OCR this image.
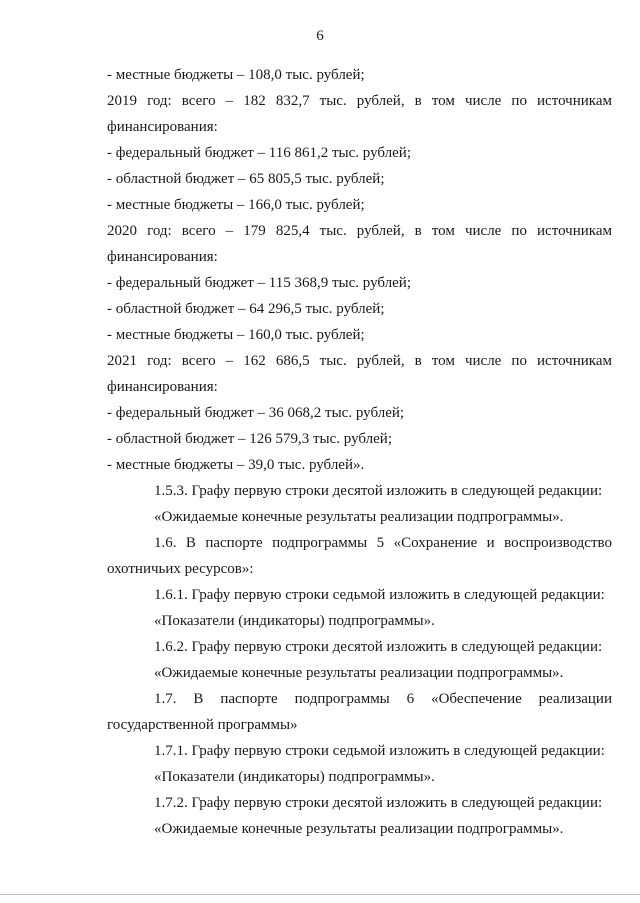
6
- местные бюджеты – 108,0 тыс. рублей;
2019 год: всего – 182 832,7 тыс. рублей, в том числе по источникам
финансирования:
- федеральный бюджет – 116 861,2 тыс. рублей;
- областной бюджет – 65 805,5 тыс. рублей;
- местные бюджеты – 166,0 тыс. рублей;
2020 год: всего – 179 825,4 тыс. рублей, в том числе по источникам
финансирования:
- федеральный бюджет – 115 368,9 тыс. рублей;
- областной бюджет – 64 296,5 тыс. рублей;
- местные бюджеты – 160,0 тыс. рублей;
2021 год: всего – 162 686,5 тыс. рублей, в том числе по источникам
финансирования:
- федеральный бюджет – 36 068,2 тыс. рублей;
- областной бюджет – 126 579,3 тыс. рублей;
- местные бюджеты – 39,0 тыс. рублей».
1.5.3. Графу первую строки десятой изложить в следующей редакции:
«Ожидаемые конечные результаты реализации подпрограммы».
1.6. В паспорте подпрограммы 5 «Сохранение и воспроизводство
охотничьих ресурсов»:
1.6.1. Графу первую строки седьмой изложить в следующей редакции:
«Показатели (индикаторы) подпрограммы».
1.6.2. Графу первую строки десятой изложить в следующей редакции:
«Ожидаемые конечные результаты реализации подпрограммы».
1.7. В паспорте подпрограммы 6 «Обеспечение реализации
государственной программы»
1.7.1. Графу первую строки седьмой изложить в следующей редакции:
«Показатели (индикаторы) подпрограммы».
1.7.2. Графу первую строки десятой изложить в следующей редакции:
«Ожидаемые конечные результаты реализации подпрограммы».
